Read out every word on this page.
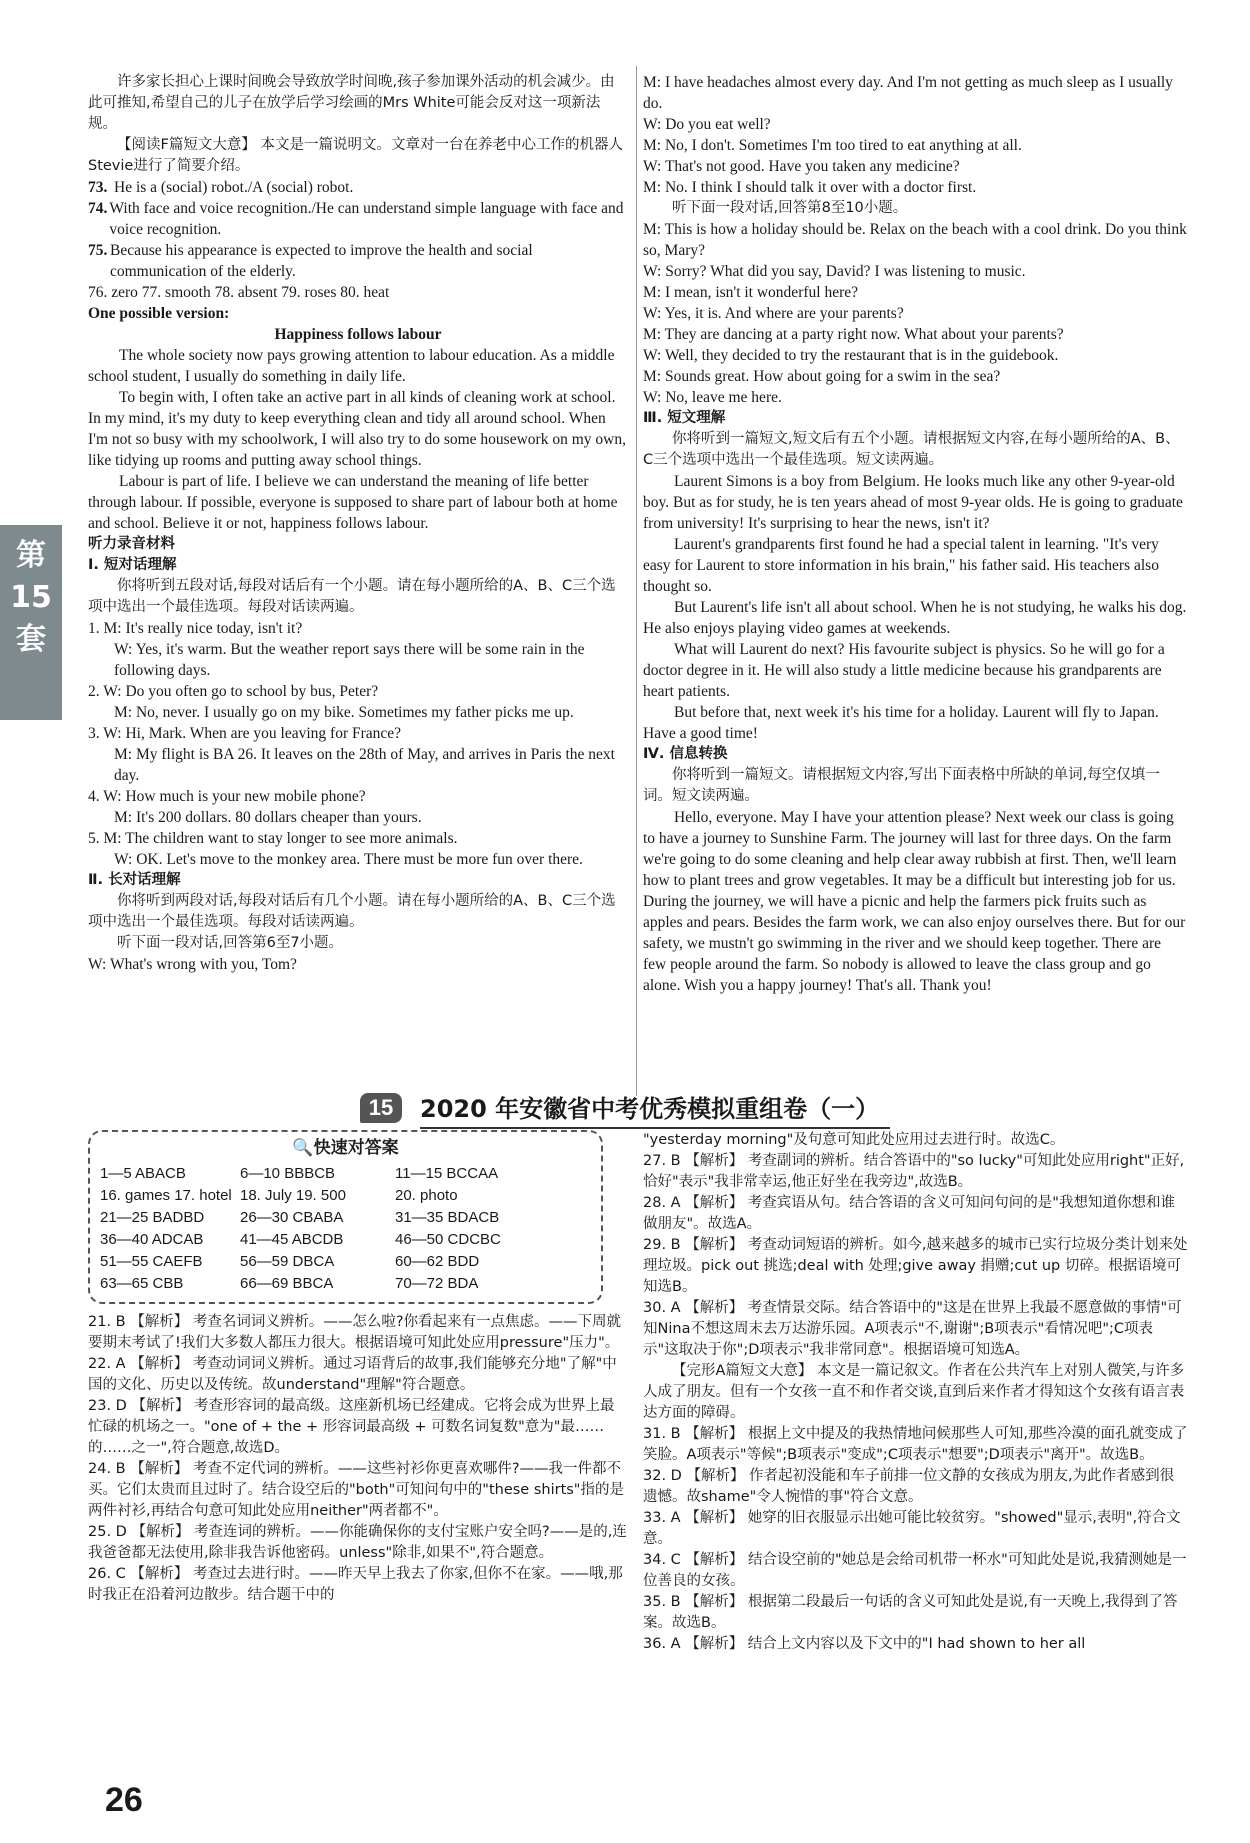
第15套

许多家长担心上课时间晚会导致放学时间晚,孩子参加课外活动的机会减少。由此可推知,希望自己的儿子在放学后学习绘画的Mrs White可能会反对这一项新法规。

【阅读F篇短文大意】 本文是一篇说明文。文章对一台在养老中心工作的机器人Stevie进行了简要介绍。

73. He is a (social) robot./A (social) robot.
74. With face and voice recognition./He can understand simple language with face and voice recognition.
75. Because his appearance is expected to improve the health and social communication of the elderly.

76. zero 77. smooth 78. absent 79. roses 80. heat

One possible version:

Happiness follows labour

The whole society now pays growing attention to labour education. As a middle school student, I usually do something in daily life.

To begin with, I often take an active part in all kinds of cleaning work at school. In my mind, it's my duty to keep everything clean and tidy all around school. When I'm not so busy with my schoolwork, I will also try to do some housework on my own, like tidying up rooms and putting away school things.

Labour is part of life. I believe we can understand the meaning of life better through labour. If possible, everyone is supposed to share part of labour both at home and school. Believe it or not, happiness follows labour.

听力录音材料

Ⅰ. 短对话理解

你将听到五段对话,每段对话后有一个小题。请在每小题所给的A、B、C三个选项中选出一个最佳选项。每段对话读两遍。

1. M: It's really nice today, isn't it?

W: Yes, it's warm. But the weather report says there will be some rain in the following days.

2. W: Do you often go to school by bus, Peter?

M: No, never. I usually go on my bike. Sometimes my father picks me up.

3. W: Hi, Mark. When are you leaving for France?

M: My flight is BA 26. It leaves on the 28th of May, and arrives in Paris the next day.

4. W: How much is your new mobile phone?

M: It's 200 dollars. 80 dollars cheaper than yours.

5. M: The children want to stay longer to see more animals.

W: OK. Let's move to the monkey area. There must be more fun over there.

Ⅱ. 长对话理解

你将听到两段对话,每段对话后有几个小题。请在每小题所给的A、B、C三个选项中选出一个最佳选项。每段对话读两遍。

听下面一段对话,回答第6至7小题。

W: What's wrong with you, Tom?

M: I have headaches almost every day. And I'm not getting as much sleep as I usually do.

W: Do you eat well?

M: No, I don't. Sometimes I'm too tired to eat anything at all.

W: That's not good. Have you taken any medicine?

M: No. I think I should talk it over with a doctor first.

听下面一段对话,回答第8至10小题。

M: This is how a holiday should be. Relax on the beach with a cool drink. Do you think so, Mary?

W: Sorry? What did you say, David? I was listening to music.

M: I mean, isn't it wonderful here?

W: Yes, it is. And where are your parents?

M: They are dancing at a party right now. What about your parents?

W: Well, they decided to try the restaurant that is in the guidebook.

M: Sounds great. How about going for a swim in the sea?

W: No, leave me here.

Ⅲ. 短文理解

你将听到一篇短文,短文后有五个小题。请根据短文内容,在每小题所给的A、B、C三个选项中选出一个最佳选项。短文读两遍。

Laurent Simons is a boy from Belgium. He looks much like any other 9-year-old boy. But as for study, he is ten years ahead of most 9-year olds. He is going to graduate from university! It's surprising to hear the news, isn't it?

Laurent's grandparents first found he had a special talent in learning. "It's very easy for Laurent to store information in his brain," his father said. His teachers also thought so.

But Laurent's life isn't all about school. When he is not studying, he walks his dog. He also enjoys playing video games at weekends.

What will Laurent do next? His favourite subject is physics. So he will go for a doctor degree in it. He will also study a little medicine because his grandparents are heart patients.

But before that, next week it's his time for a holiday. Laurent will fly to Japan. Have a good time!

Ⅳ. 信息转换

你将听到一篇短文。请根据短文内容,写出下面表格中所缺的单词,每空仅填一词。短文读两遍。

Hello, everyone. May I have your attention please? Next week our class is going to have a journey to Sunshine Farm. The journey will last for three days. On the farm we're going to do some cleaning and help clear away rubbish at first. Then, we'll learn how to plant trees and grow vegetables. It may be a difficult but interesting job for us. During the journey, we will have a picnic and help the farmers pick fruits such as apples and pears. Besides the farm work, we can also enjoy ourselves there. But for our safety, we mustn't go swimming in the river and we should keep together. There are few people around the farm. So nobody is allowed to leave the class group and go alone. Wish you a happy journey! That's all. Thank you!

15	2020 年安徽省中考优秀模拟重组卷（一）
🔍快速对答案
1—5 ABACB	6—10 BBBCB	11—15 BCCAA
16. games 17. hotel 18. July 19. 500	20. photo
21—25 BADBD	26—30 CBABA	31—35 BDACB
36—40 ADCAB	41—45 ABCDB	46—50 CDCBC
51—55 CAEFB	56—59 DBCA	60—62 BDD
63—65 CBB	66—69 BBCA	70—72 BDA

21. B 【解析】 考查名词词义辨析。——怎么啦?你看起来有一点焦虑。——下周就要期末考试了!我们大多数人都压力很大。根据语境可知此处应用pressure"压力"。

22. A 【解析】 考查动词词义辨析。通过习语背后的故事,我们能够充分地"了解"中国的文化、历史以及传统。故understand"理解"符合题意。

23. D 【解析】 考查形容词的最高级。这座新机场已经建成。它将会成为世界上最忙碌的机场之一。"one of + the + 形容词最高级 + 可数名词复数"意为"最……的……之一",符合题意,故选D。

24. B 【解析】 考查不定代词的辨析。——这些衬衫你更喜欢哪件?——我一件都不买。它们太贵而且过时了。结合设空后的"both"可知问句中的"these shirts"指的是两件衬衫,再结合句意可知此处应用neither"两者都不"。

25. D 【解析】 考查连词的辨析。——你能确保你的支付宝账户安全吗?——是的,连我爸爸都无法使用,除非我告诉他密码。unless"除非,如果不",符合题意。

26. C 【解析】 考查过去进行时。——昨天早上我去了你家,但你不在家。——哦,那时我正在沿着河边散步。结合题干中的

"yesterday morning"及句意可知此处应用过去进行时。故选C。

27. B 【解析】 考查副词的辨析。结合答语中的"so lucky"可知此处应用right"正好,恰好"表示"我非常幸运,他正好坐在我旁边",故选B。

28. A 【解析】 考查宾语从句。结合答语的含义可知问句问的是"我想知道你想和谁做朋友"。故选A。

29. B 【解析】 考查动词短语的辨析。如今,越来越多的城市已实行垃圾分类计划来处理垃圾。pick out 挑选;deal with 处理;give away 捐赠;cut up 切碎。根据语境可知选B。

30. A 【解析】 考查情景交际。结合答语中的"这是在世界上我最不愿意做的事情"可知Nina不想这周末去万达游乐园。A项表示"不,谢谢";B项表示"看情况吧";C项表示"这取决于你";D项表示"我非常同意"。根据语境可知选A。

【完形A篇短文大意】 本文是一篇记叙文。作者在公共汽车上对别人微笑,与许多人成了朋友。但有一个女孩一直不和作者交谈,直到后来作者才得知这个女孩有语言表达方面的障碍。

31. B 【解析】 根据上文中提及的我热情地问候那些人可知,那些冷漠的面孔就变成了笑脸。A项表示"等候";B项表示"变成";C项表示"想要";D项表示"离开"。故选B。

32. D 【解析】 作者起初没能和车子前排一位文静的女孩成为朋友,为此作者感到很遗憾。故shame"令人惋惜的事"符合文意。

33. A 【解析】 她穿的旧衣服显示出她可能比较贫穷。"showed"显示,表明",符合文意。

34. C 【解析】 结合设空前的"她总是会给司机带一杯水"可知此处是说,我猜测她是一位善良的女孩。

35. B 【解析】 根据第二段最后一句话的含义可知此处是说,有一天晚上,我得到了答案。故选B。

36. A 【解析】 结合上文内容以及下文中的"I had shown to her all

26
